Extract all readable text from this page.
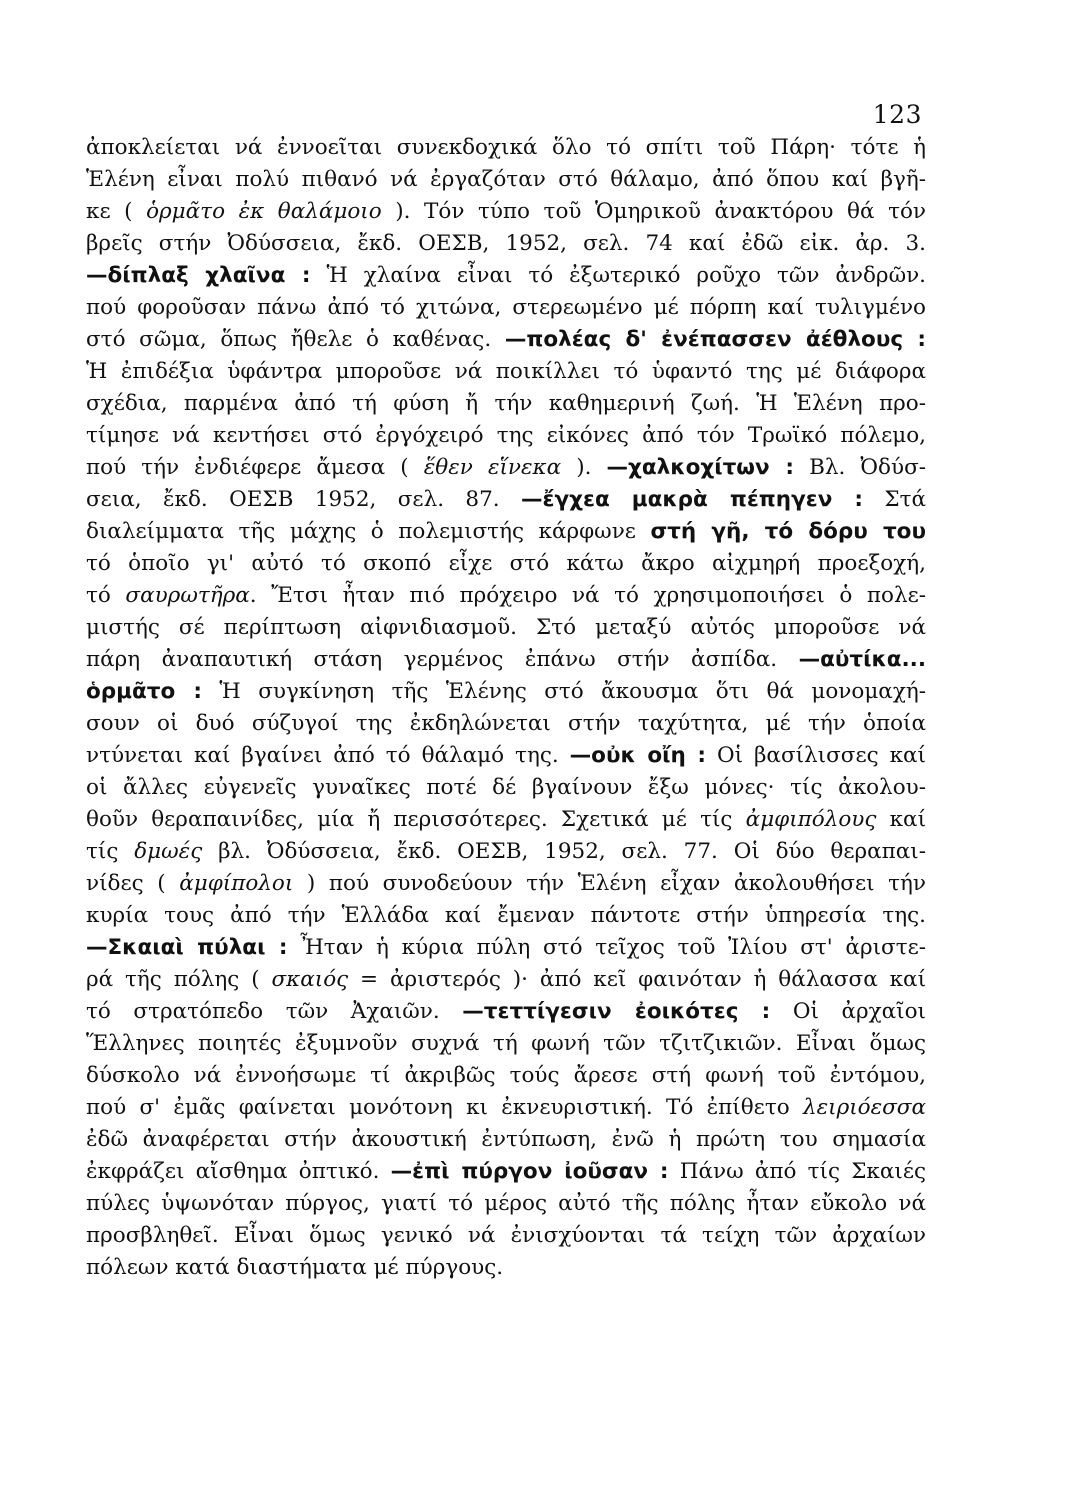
123
ἀποκλείεται νά ἐννοεῖται συνεκδοχικά ὅλο τό σπίτι τοῦ Πάρη· τότε ἡ
Ἑλένη εἶναι πολύ πιθανό νά ἐργαζόταν στό θάλαμο, ἀπό ὅπου καί βγῆ-
κε ( ὁρμᾶτο ἐκ θαλάμοιο ). Τόν τύπο τοῦ Ὁμηρικοῦ ἀνακτόρου θά τόν
βρεῖς στήν Ὀδύσσεια, ἔκδ. ΟΕΣΒ, 1952, σελ. 74 καί ἐδῶ εἰκ. ἀρ. 3.
—δίπλαξ χλαῖνα : Ἡ χλαίνα εἶναι τό ἐξωτερικό ροῦχο τῶν ἀνδρῶν.
πού φοροῦσαν πάνω ἀπό τό χιτώνα, στερεωμένο μέ πόρπη καί τυλιγμένο
στό σῶμα, ὅπως ἤθελε ὁ καθένας. —πολέας δ' ἐνέπασσεν ἀέθλους :
Ἡ ἐπιδέξια ὑφάντρα μποροῦσε νά ποικίλλει τό ὑφαντό της μέ διάφορα
σχέδια, παρμένα ἀπό τή φύση ἤ τήν καθημερινή ζωή. Ἡ Ἑλένη προ-
τίμησε νά κεντήσει στό ἐργόχειρό της εἰκόνες ἀπό τόν Τρωϊκό πόλεμο,
πού τήν ἐνδιέφερε ἄμεσα ( ἕθεν εἵνεκα ). —χαλκοχίτων : Βλ. Ὀδύσ-
σεια, ἔκδ. ΟΕΣΒ 1952, σελ. 87. —ἔγχεα μακρὰ πέπηγεν : Στά
διαλείμματα τῆς μάχης ὁ πολεμιστής κάρφωνε στή γῆ, τό δόρυ του
τό ὁποῖο γι' αὐτό τό σκοπό εἶχε στό κάτω ἄκρο αἰχμηρή προεξοχή,
τό σαυρωτῆρα. Ἔτσι ἦταν πιό πρόχειρο νά τό χρησιμοποιήσει ὁ πολε-
μιστής σέ περίπτωση αἰφνιδιασμοῦ. Στό μεταξύ αὐτός μποροῦσε νά
πάρη ἀναπαυτική στάση γερμένος ἐπάνω στήν ἀσπίδα. —αὐτίκα...
ὁρμᾶτο : Ἡ συγκίνηση τῆς Ἑλένης στό ἄκουσμα ὅτι θά μονομαχή-
σουν οἱ δυό σύζυγοί της ἐκδηλώνεται στήν ταχύτητα, μέ τήν ὁποία
ντύνεται καί βγαίνει ἀπό τό θάλαμό της. —οὐκ οἴη : Οἱ βασίλισσες καί
οἱ ἄλλες εὐγενεῖς γυναῖκες ποτέ δέ βγαίνουν ἔξω μόνες· τίς ἀκολου-
θοῦν θεραπαινίδες, μία ἤ περισσότερες. Σχετικά μέ τίς ἀμφιπόλους καί
τίς δμωές βλ. Ὀδύσσεια, ἔκδ. ΟΕΣΒ, 1952, σελ. 77. Οἱ δύο θεραπαι-
νίδες ( ἀμφίπολοι ) πού συνοδεύουν τήν Ἑλένη εἶχαν ἀκολουθήσει τήν
κυρία τους ἀπό τήν Ἑλλάδα καί ἔμεναν πάντοτε στήν ὑπηρεσία της.
—Σκαιαὶ πύλαι : Ἦταν ἡ κύρια πύλη στό τεῖχος τοῦ Ἰλίου στ' ἀριστε-
ρά τῆς πόλης ( σκαιός = ἀριστερός )· ἀπό κεῖ φαινόταν ἡ θάλασσα καί
τό στρατόπεδο τῶν Ἀχαιῶν. —τεττίγεσιν ἐοικότες : Οἱ ἀρχαῖοι
Ἕλληνες ποιητές ἐξυμνοῦν συχνά τή φωνή τῶν τζιτζικιῶν. Εἶναι ὅμως
δύσκολο νά ἐννοήσωμε τί ἀκριβῶς τούς ἄρεσε στή φωνή τοῦ ἐντόμου,
πού σ' ἐμᾶς φαίνεται μονότονη κι ἐκνευριστική. Τό ἐπίθετο λειριόεσσα
ἐδῶ ἀναφέρεται στήν ἀκουστική ἐντύπωση, ἐνῶ ἡ πρώτη του σημασία
ἐκφράζει αἴσθημα ὀπτικό. —ἐπὶ πύργον ἰοῦσαν : Πάνω ἀπό τίς Σκαιές
πύλες ὑψωνόταν πύργος, γιατί τό μέρος αὐτό τῆς πόλης ἦταν εὔκολο νά
προσβληθεῖ. Εἶναι ὅμως γενικό νά ἐνισχύονται τά τείχη τῶν ἀρχαίων
πόλεων κατά διαστήματα μέ πύργους.
